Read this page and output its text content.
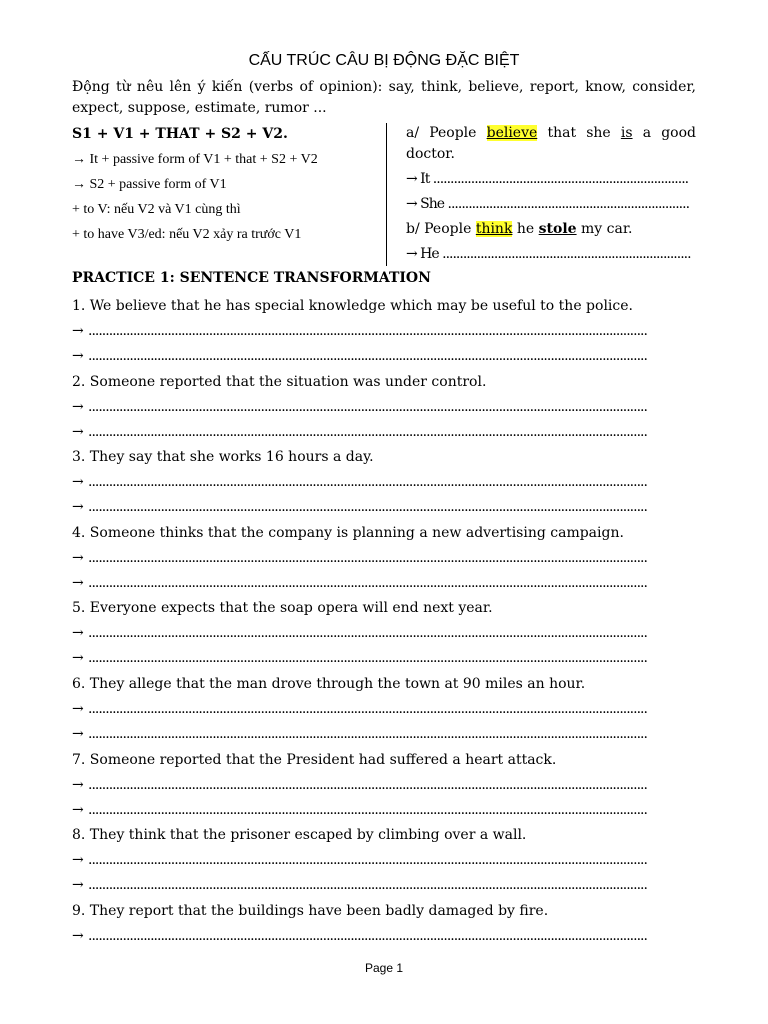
CẤU TRÚC CÂU BỊ ĐỘNG ĐẶC BIỆT
Động từ nêu lên ý kiến (verbs of opinion): say, think, believe, report, know, consider, expect, suppose, estimate, rumor ...
S1 + V1 + THAT + S2 + V2.
→ It + passive form of V1 + that + S2 + V2
→ S2 + passive form of V1
+ to V: nếu V2 và V1 cùng thì
+ to have V3/ed: nếu V2 xảy ra trước V1
a/ People believe that she is a good
doctor.
→ It ..........................................................................
→ She ......................................................................
b/ People think he stole my car.
→ He ........................................................................
PRACTICE 1: SENTENCE TRANSFORMATION
1. We believe that he has special knowledge which may be useful to the police.
→ ..................................................................................................................................................................
→ ..................................................................................................................................................................
2. Someone reported that the situation was under control.
→ ..................................................................................................................................................................
→ ..................................................................................................................................................................
3. They say that she works 16 hours a day.
→ ..................................................................................................................................................................
→ ..................................................................................................................................................................
4. Someone thinks that the company is planning a new advertising campaign.
→ ..................................................................................................................................................................
→ ..................................................................................................................................................................
5. Everyone expects that the soap opera will end next year.
→ ..................................................................................................................................................................
→ ..................................................................................................................................................................
6. They allege that the man drove through the town at 90 miles an hour.
→ ..................................................................................................................................................................
→ ..................................................................................................................................................................
7. Someone reported that the President had suffered a heart attack.
→ ..................................................................................................................................................................
→ ..................................................................................................................................................................
8. They think that the prisoner escaped by climbing over a wall.
→ ..................................................................................................................................................................
→ ..................................................................................................................................................................
9. They report that the buildings have been badly damaged by fire.
→ ..................................................................................................................................................................
Page 1
